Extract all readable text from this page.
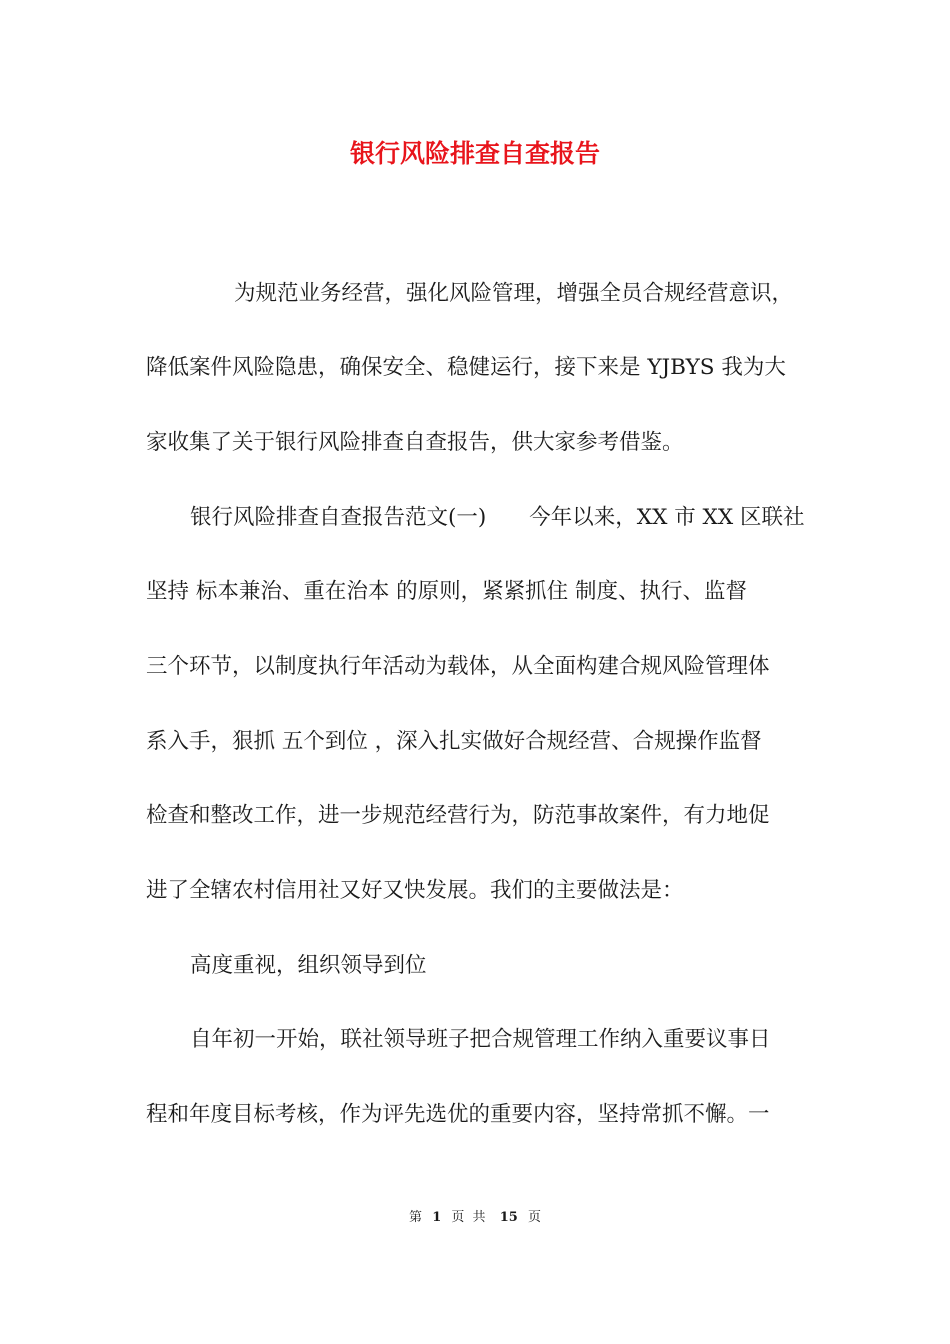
银行风险排查自查报告
为规范业务经营，强化风险管理，增强全员合规经营意识，
降低案件风险隐患，确保安全、稳健运行，接下来是 YJBYS 我为大
家收集了关于银行风险排查自查报告，供大家参考借鉴。
银行风险排查自查报告范文(一)　　今年以来，XX 市 XX 区联社
坚持 标本兼治、重在治本 的原则，紧紧抓住 制度、执行、监督
三个环节，以制度执行年活动为载体，从全面构建合规风险管理体
系入手，狠抓 五个到位 ，深入扎实做好合规经营、合规操作监督
检查和整改工作，进一步规范经营行为，防范事故案件，有力地促
进了全辖农村信用社又好又快发展。我们的主要做法是：
高度重视，组织领导到位
自年初一开始，联社领导班子把合规管理工作纳入重要议事日
程和年度目标考核，作为评先选优的重要内容，坚持常抓不懈。一
第 1 页 共 15 页
